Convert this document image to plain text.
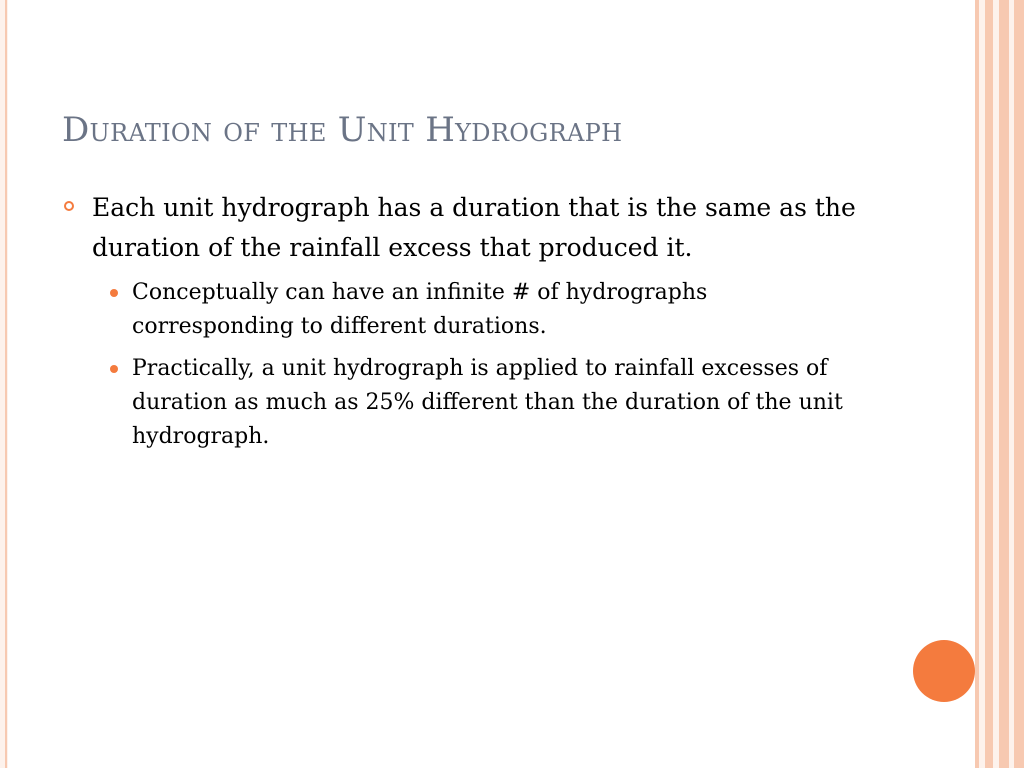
Duration of the Unit Hydrograph
Each unit hydrograph has a duration that is the same as the duration of the rainfall excess that produced it.
Conceptually can have an infinite # of hydrographs corresponding to different durations.
Practically, a unit hydrograph is applied to rainfall excesses of duration as much as 25% different than the duration of the unit hydrograph.
